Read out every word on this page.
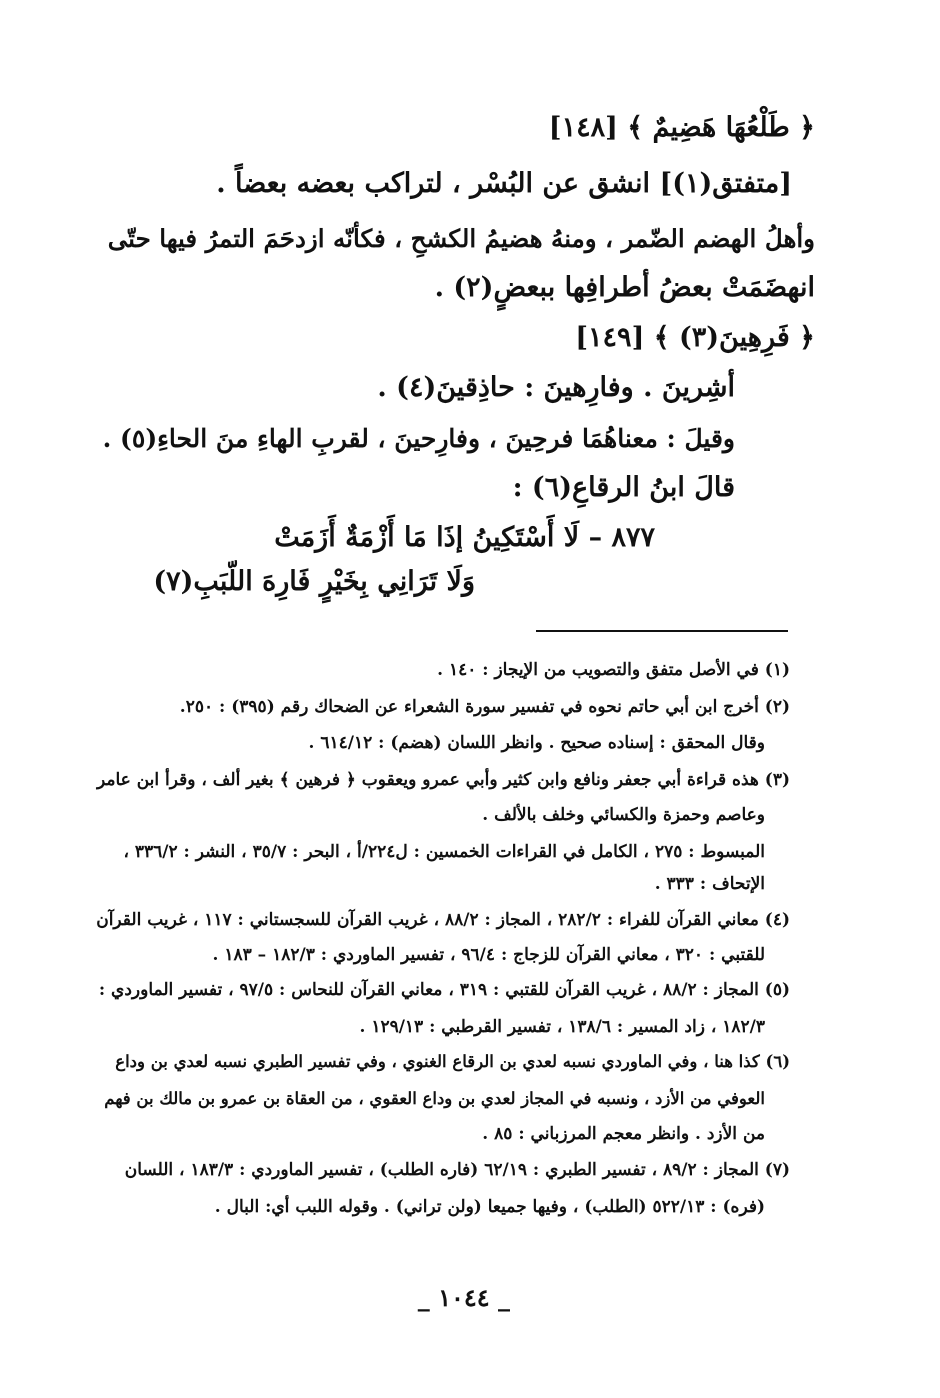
﴿ طَلْعُهَا هَضِيمٌ ﴾ [١٤٨]
[متفتق(١)] انشق عن البُسْر ، لتراكب بعضه بعضاً .
وأهلُ الهضم الضّمر ، ومنهُ هضيمُ الكشحِ ، فكأنّه ازدحَمَ التمرُ فيها حتّى
انهضَمَتْ بعضُ أطرافِها ببعضٍ(٢) .
﴿ فَرِهِينَ(٣) ﴾ [١٤٩]
أشِرينَ . وفارِهينَ : حاذِقينَ(٤) .
وقيلَ : معناهُمَا فرحِينَ ، وفارِحينَ ، لقربِ الهاءِ منَ الحاءِ(٥) .
قالَ ابنُ الرقاعِ(٦) :
٨٧٧ – لَا أَسْتَكِينُ إذَا مَا أَزْمَةٌ أَزَمَتْ
وَلَا تَرَانِي بِخَيْرٍ فَارِهَ اللّبَبِ(٧)
(١) في الأصل متفق والتصويب من الإيجاز : ١٤٠ .
(٢) أخرج ابن أبي حاتم نحوه في تفسير سورة الشعراء عن الضحاك رقم (٣٩٥) : ٢٥٠.
وقال المحقق : إسناده صحيح . وانظر اللسان (هضم) : ٦١٤/١٢ .
(٣) هذه قراءة أبي جعفر ونافع وابن كثير وأبي عمرو ويعقوب ﴿ فرهين ﴾ بغير ألف ، وقرأ ابن عامر
وعاصم وحمزة والكسائي وخلف بالألف .
المبسوط : ٢٧٥ ، الكامل في القراءات الخمسين : ل٢٢٤/أ ، البحر : ٣٥/٧ ، النشر : ٣٣٦/٢ ،
الإتحاف : ٣٣٣ .
(٤) معاني القرآن للفراء : ٢٨٢/٢ ، المجاز : ٨٨/٢ ، غريب القرآن للسجستاني : ١١٧ ، غريب القرآن
للقتبي : ٣٢٠ ، معاني القرآن للزجاج : ٩٦/٤ ، تفسير الماوردي : ١٨٢/٣ – ١٨٣ .
(٥) المجاز : ٨٨/٢ ، غريب القرآن للقتبي : ٣١٩ ، معاني القرآن للنحاس : ٩٧/٥ ، تفسير الماوردي :
١٨٢/٣ ، زاد المسير : ١٣٨/٦ ، تفسير القرطبي : ١٢٩/١٣ .
(٦) كذا هنا ، وفي الماوردي نسبه لعدي بن الرقاع الغنوي ، وفي تفسير الطبري نسبه لعدي بن وداع
العوفي من الأزد ، ونسبه في المجاز لعدي بن وداع العقوي ، من العقاة بن عمرو بن مالك بن فهم
من الأزد . وانظر معجم المرزباني : ٨٥ .
(٧) المجاز : ٨٩/٢ ، تفسير الطبري : ٦٢/١٩ (فاره الطلب) ، تفسير الماوردي : ١٨٣/٣ ، اللسان
(فره) : ٥٢٢/١٣ (الطلب) ، وفيها جميعا (ولن تراني) . وقوله اللبب أي: البال .
_ ١٠٤٤ _
